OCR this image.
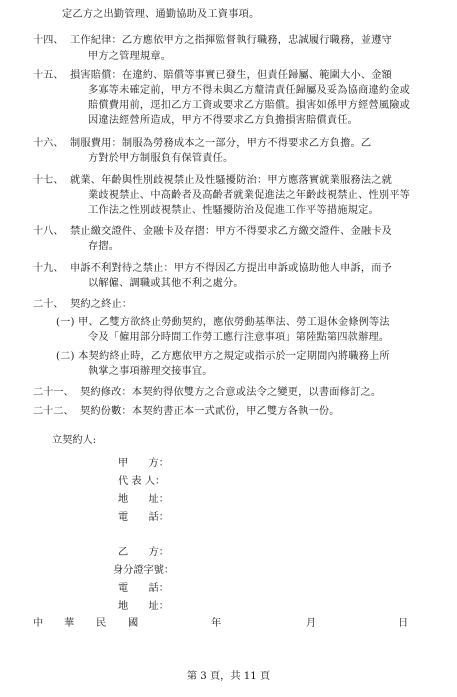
定乙方之出勤管理、通勤協助及工資事項。
十四、 工作紀律：乙方應依甲方之指揮監督執行職務，忠誠履行職務，並遵守
甲方之管理規章。
十五、 損害賠償：在違約、賠償等事實已發生，但責任歸屬、範圍大小、金額
多寡等未確定前，甲方不得未與乙方釐清責任歸屬及妥為協商違約金或
賠償費用前，逕扣乙方工資或要求乙方賠償。損害如係甲方經營風險或
因違法經營所造成，甲方不得要求乙方負擔損害賠償責任。
十六、 制服費用：制服為勞務成本之一部分，甲方不得要求乙方負擔。乙
方對於甲方制服負有保管責任。
十七、 就業、年齡與性別歧視禁止及性騷擾防治：甲方應落實就業服務法之就
業歧視禁止、中高齡者及高齡者就業促進法之年齡歧視禁止、性別平等
工作法之性別歧視禁止、性騷擾防治及促進工作平等措施規定。
十八、 禁止繳交證件、金融卡及存摺：甲方不得要求乙方繳交證件、金融卡及
存摺。
十九、 申訴不利對待之禁止：甲方不得因乙方提出申訴或協助他人申訴，而予
以解僱、調職或其他不利之處分。
二十、 契約之終止：
(一) 甲、乙雙方欲終止勞動契約，應依勞動基準法、勞工退休金條例等法
令及「僱用部分時間工作勞工應行注意事項」第陸點第四款辦理。
(二) 本契約終止時，乙方應依甲方之規定或指示於一定期間內將職務上所
執掌之事項辦理交接事宜。
二十一、 契約修改：本契約得依雙方之合意或法令之變更，以書面修訂之。
二十二、 契約份數：本契約書正本一式貳份，甲乙雙方各執一份。
立契約人:
甲　　方：
代 表 人：
地　　址：
電　　話：
乙　　方：
身分證字號：
電　　話：
地　　址：
中 華 民 國	年	月	日
第 3 頁，共 11 頁
